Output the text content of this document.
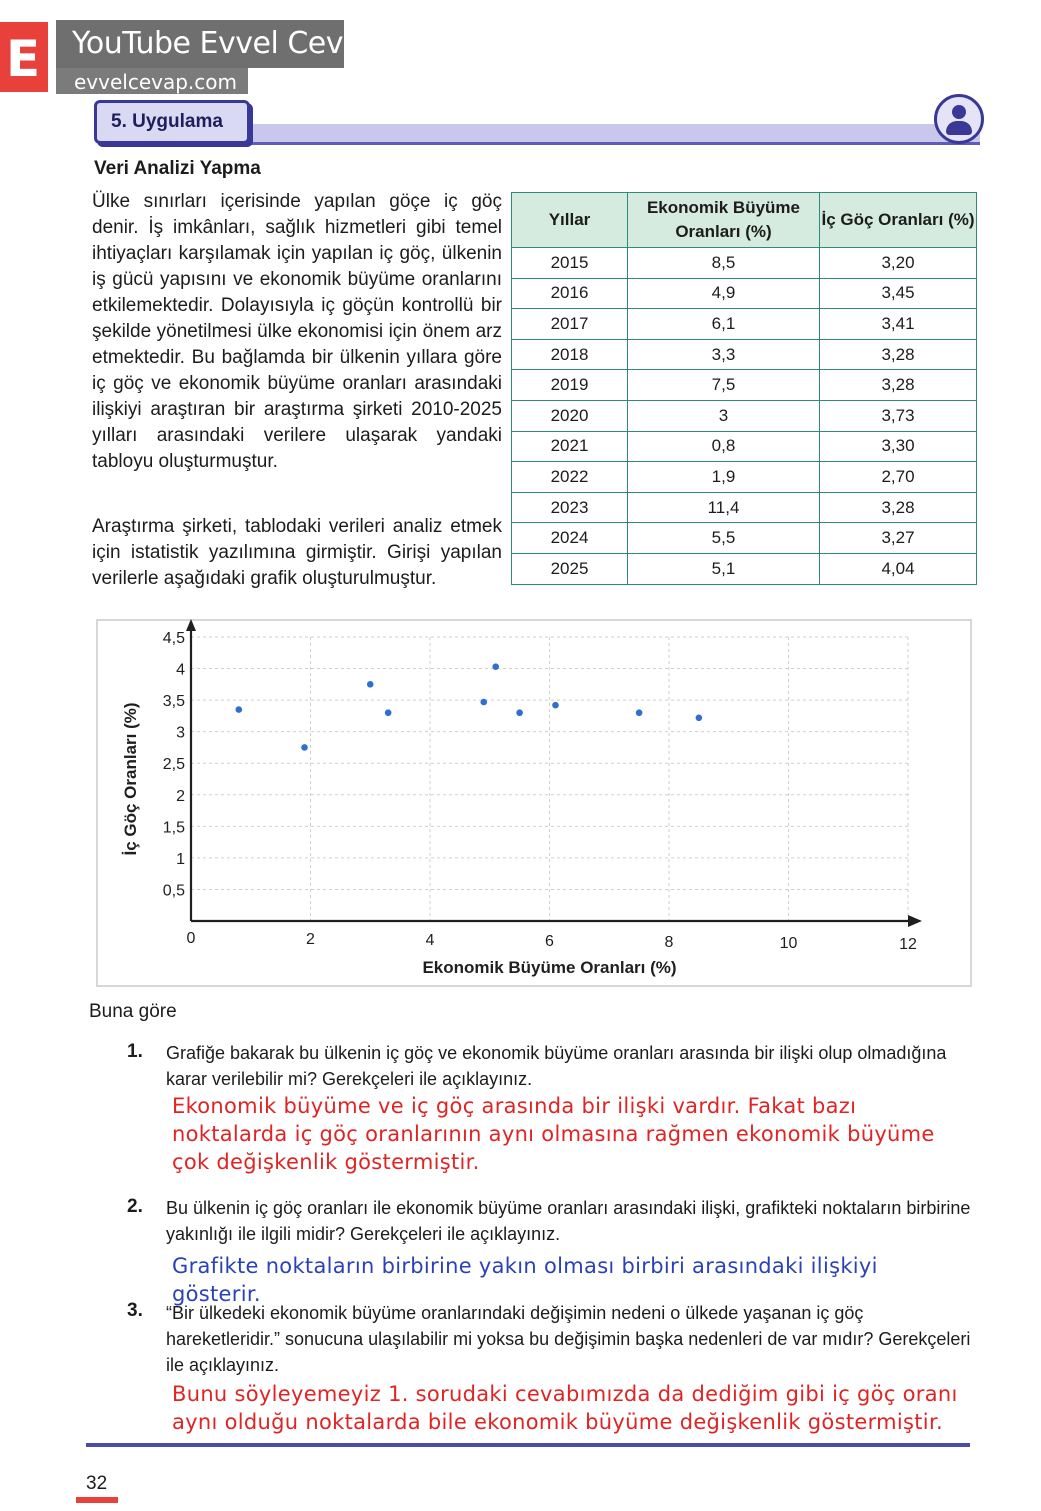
E YouTube Evvel Cevap
evvelcevap.com
5. Uygulama
Veri Analizi Yapma
Ülke sınırları içerisinde yapılan göçe iç göç denir. İş imkânları, sağlık hizmetleri gibi temel ihtiyaçları karşılamak için yapılan iç göç, ülkenin iş gücü yapısını ve ekonomik büyüme oranlarını etkilemektedir. Dolayısıyla iç göçün kontrollü bir şekilde yönetilmesi ülke ekonomisi için önem arz etmektedir. Bu bağlamda bir ülkenin yıllara göre iç göç ve ekonomik büyüme oranları arasındaki ilişkiyi araştıran bir araştırma şirketi 2010-2025 yılları arasındaki verilere ulaşarak yandaki tabloyu oluşturmuştur.
Araştırma şirketi, tablodaki verileri analiz etmek için istatistik yazılımına girmiştir. Girişi yapılan verilerle aşağıdaki grafik oluşturulmuştur.
Yıllar	Ekonomik Büyüme Oranları (%)	İç Göç Oranları (%)
2015	8,5	3,20
2016	4,9	3,45
2017	6,1	3,41
2018	3,3	3,28
2019	7,5	3,28
2020	3	3,73
2021	0,8	3,30
2022	1,9	2,70
2023	11,4	3,28
2024	5,5	3,27
2025	5,1	4,04
0,5
1
1,5
2
2,5
3
3,5
4
4,5
0	2	4	6	8	10	12
Ekonomik Büyüme Oranları (%)
İç Göç Oranları (%)
Buna göre
1. Grafiğe bakarak bu ülkenin iç göç ve ekonomik büyüme oranları arasında bir ilişki olup olmadığına karar verilebilir mi? Gerekçeleri ile açıklayınız.
Ekonomik büyüme ve iç göç arasında bir ilişki vardır. Fakat bazı noktalarda iç göç oranlarının aynı olmasına rağmen ekonomik büyüme çok değişkenlik göstermiştir.
2. Bu ülkenin iç göç oranları ile ekonomik büyüme oranları arasındaki ilişki, grafikteki noktaların birbirine yakınlığı ile ilgili midir? Gerekçeleri ile açıklayınız.
Grafikte noktaların birbirine yakın olması birbiri arasındaki ilişkiyi gösterir.
3. “Bir ülkedeki ekonomik büyüme oranlarındaki değişimin nedeni o ülkede yaşanan iç göç hareketleridir.” sonucuna ulaşılabilir mi yoksa bu değişimin başka nedenleri de var mıdır? Gerekçeleri ile açıklayınız.
Bunu söyleyemeyiz 1. sorudaki cevabımızda da dediğim gibi iç göç oranı aynı olduğu noktalarda bile ekonomik büyüme değişkenlik göstermiştir.
32
